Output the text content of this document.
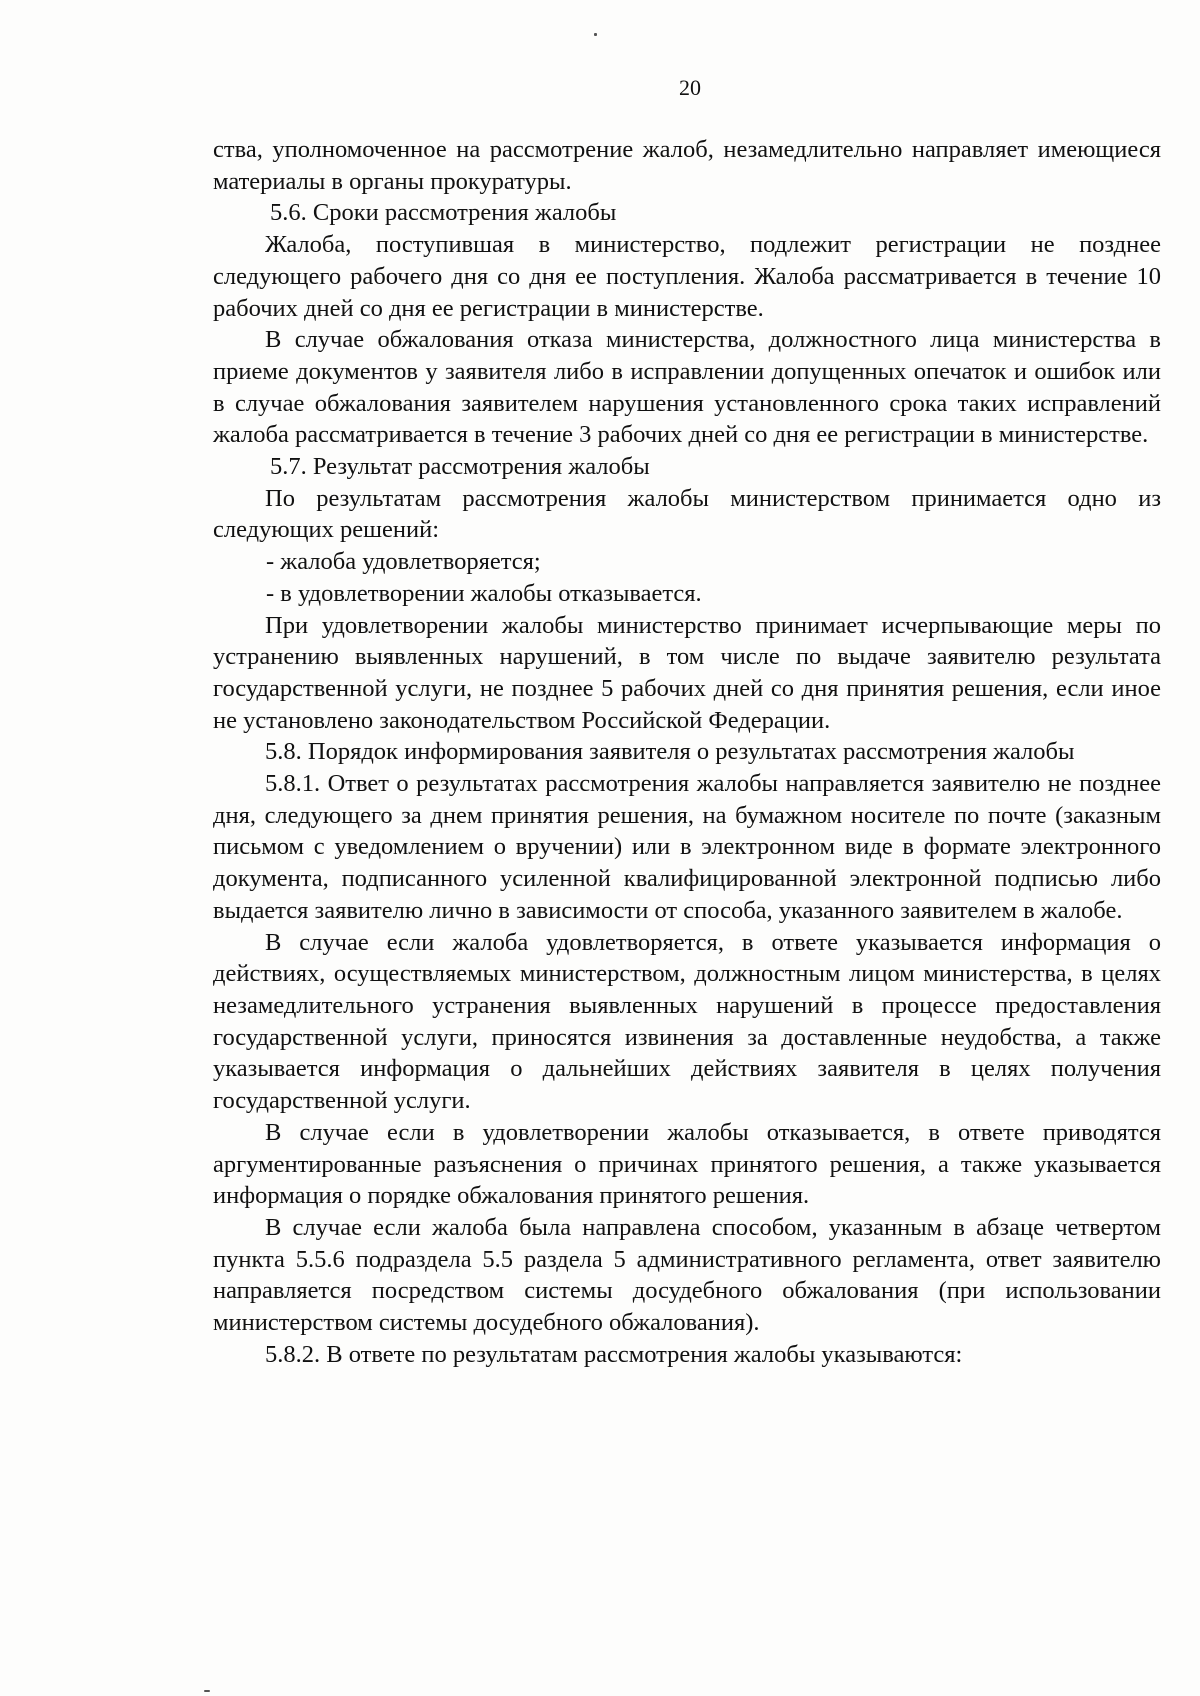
20

ства, уполномоченное на рассмотрение жалоб, незамедлительно направляет имеющиеся материалы в органы прокуратуры.

5.6. Сроки рассмотрения жалобы

Жалоба, поступившая в министерство, подлежит регистрации не позднее следующего рабочего дня со дня ее поступления. Жалоба рассматривается в течение 10 рабочих дней со дня ее регистрации в министерстве.

В случае обжалования отказа министерства, должностного лица министерства в приеме документов у заявителя либо в исправлении допущенных опечаток и ошибок или в случае обжалования заявителем нарушения установленного срока таких исправлений жалоба рассматривается в течение 3 рабочих дней со дня ее регистрации в министерстве.

5.7. Результат рассмотрения жалобы

По результатам рассмотрения жалобы министерством принимается одно из следующих решений:

- жалоба удовлетворяется;

- в удовлетворении жалобы отказывается.

При удовлетворении жалобы министерство принимает исчерпывающие меры по устранению выявленных нарушений, в том числе по выдаче заявителю результата государственной услуги, не позднее 5 рабочих дней со дня принятия решения, если иное не установлено законодательством Российской Федерации.

5.8. Порядок информирования заявителя о результатах рассмотрения жалобы

5.8.1. Ответ о результатах рассмотрения жалобы направляется заявителю не позднее дня, следующего за днем принятия решения, на бумажном носителе по почте (заказным письмом с уведомлением о вручении) или в электронном виде в формате электронного документа, подписанного усиленной квалифицированной электронной подписью либо выдается заявителю лично в зависимости от способа, указанного заявителем в жалобе.

В случае если жалоба удовлетворяется, в ответе указывается информация о действиях, осуществляемых министерством, должностным лицом министерства, в целях незамедлительного устранения выявленных нарушений в процессе предоставления государственной услуги, приносятся извинения за доставленные неудобства, а также указывается информация о дальнейших действиях заявителя в целях получения государственной услуги.

В случае если в удовлетворении жалобы отказывается, в ответе приводятся аргументированные разъяснения о причинах принятого решения, а также указывается информация о порядке обжалования принятого решения.

В случае если жалоба была направлена способом, указанным в абзаце четвертом пункта 5.5.6 подраздела 5.5 раздела 5 административного регламента, ответ заявителю направляется посредством системы досудебного обжалования (при использовании министерством системы досудебного обжалования).

5.8.2. В ответе по результатам рассмотрения жалобы указываются:
